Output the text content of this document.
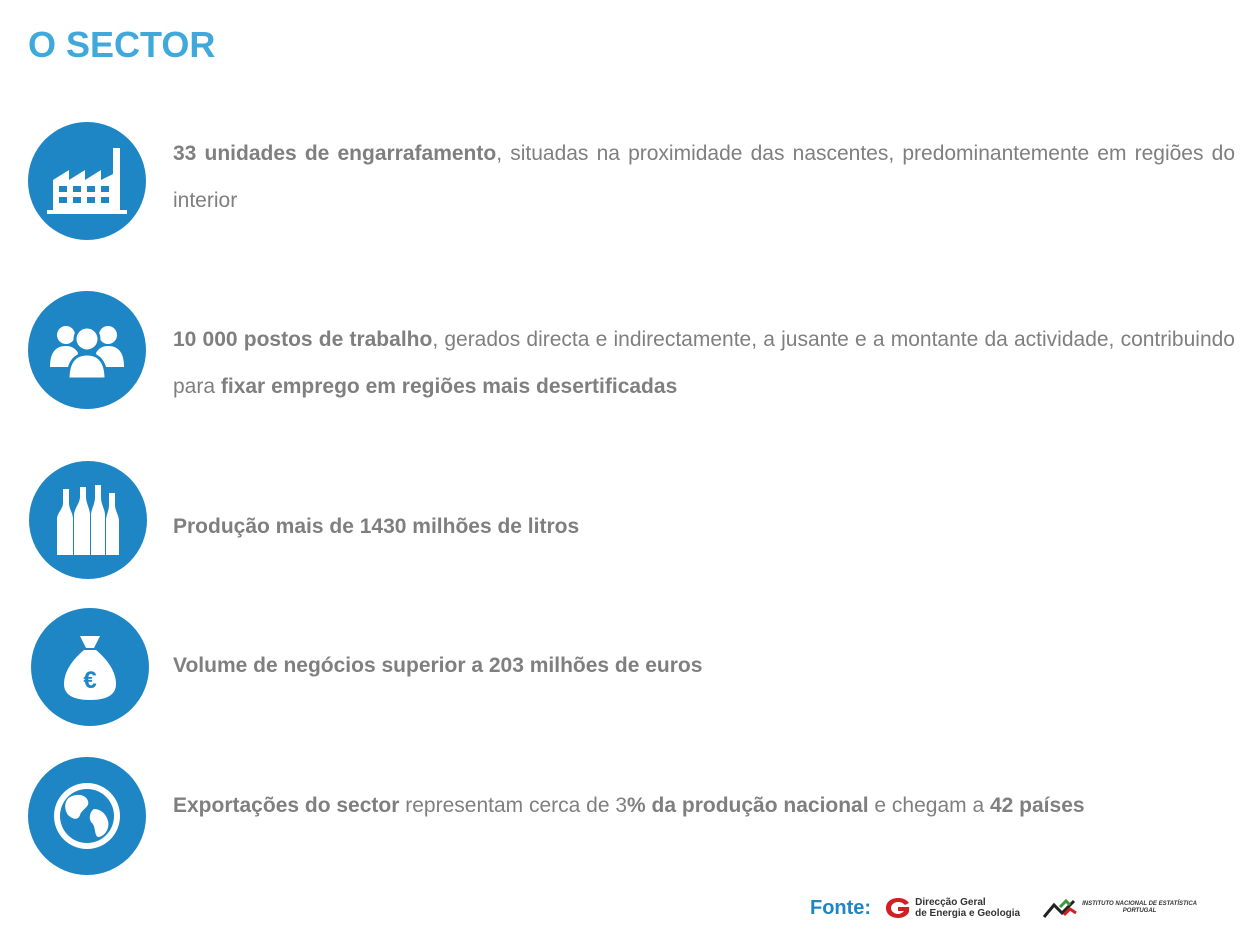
O SECTOR
33 unidades de engarrafamento, situadas na proximidade das nascentes, predominantemente em regiões do interior
10 000 postos de trabalho, gerados directa e indirectamente, a jusante e a montante da actividade, contribuindo para fixar emprego em regiões mais desertificadas
Produção mais de 1430 milhões de litros
€
Volume de negócios superior a 203 milhões de euros
Exportações do sector representam cerca de 3% da produção nacional e chegam a 42 países
Fonte:	Direcção Geral
de Energia e Geologia
INSTITUTO NACIONAL DE ESTATÍSTICA
PORTUGAL
